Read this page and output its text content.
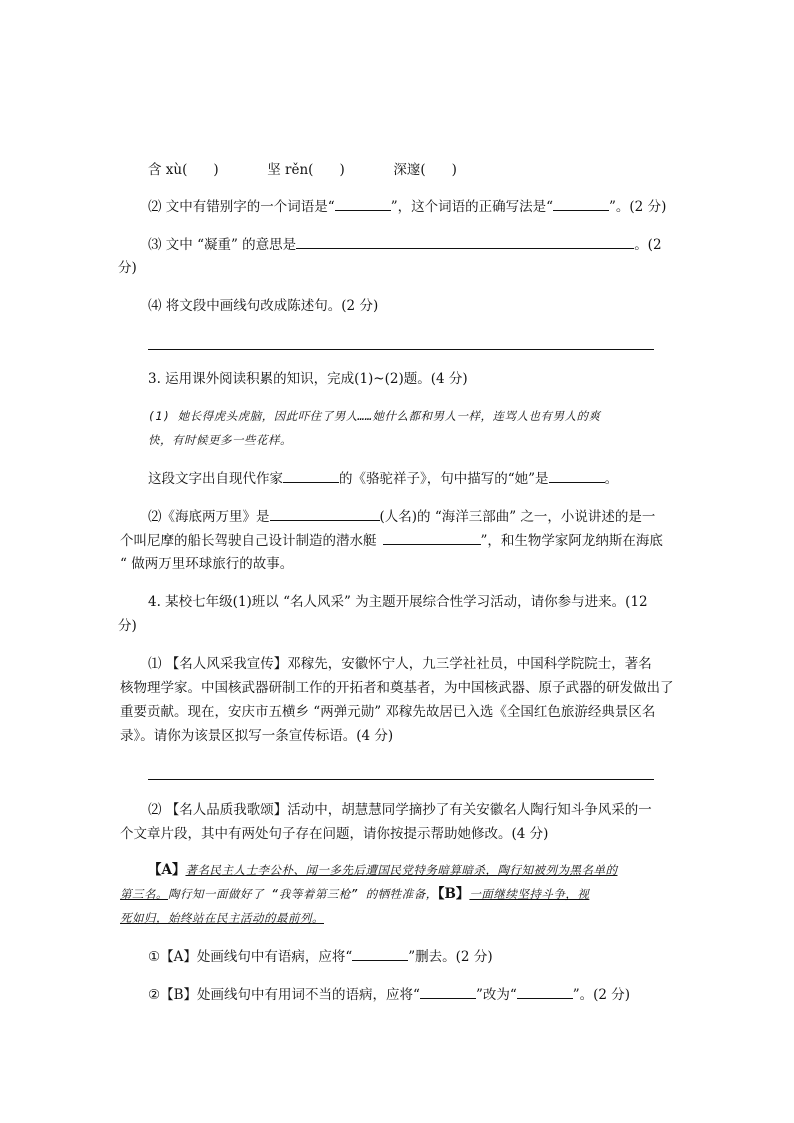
含 xù( )	坚 rěn( )	深邃( )
⑵ 文中有错别字的一个词语是“	”，这个词语的正确写法是“	”。(2 分)
⑶ 文中 “凝重” 的意思是	。(2
分)
⑷ 将文段中画线句改成陈述句。(2 分)
3. 运用课外阅读积累的知识，完成(1)~(2)题。(4 分)
(1) 她长得虎头虎脑，因此吓住了男人……她什么都和男人一样，连骂人也有男人的爽
快，有时候更多一些花样。
这段文字出自现代作家	的《骆驼祥子》，句中描写的“她”是	。
⑵《海底两万里》是	(人名)的 “海洋三部曲” 之一，小说讲述的是一
个叫尼摩的船长驾驶自己设计制造的潜水艇	”，和生物学家阿龙纳斯在海底
“ 做两万里环球旅行的故事。
4. 某校七年级(1)班以 “名人风采” 为主题开展综合性学习活动，请你参与进来。(12
分)
⑴ 【名人风采我宣传】邓稼先，安徽怀宁人，九三学社社员，中国科学院院士，著名
核物理学家。中国核武器研制工作的开拓者和奠基者，为中国核武器、原子武器的研发做出了
重要贡献。现在，安庆市五横乡 “两弹元勋” 邓稼先故居已入选《全国红色旅游经典景区名
录》。请你为该景区拟写一条宣传标语。(4 分)
⑵ 【名人品质我歌颂】活动中，胡慧慧同学摘抄了有关安徽名人陶行知斗争风采的一
个文章片段，其中有两处句子存在问题，请你按提示帮助她修改。(4 分)
【A】著名民主人士李公朴、闻一多先后遭国民党特务暗算暗杀，陶行知被列为黑名单的
第三名。陶行知一面做好了 “我等着第三枪” 的牺牲准备，【B】一面继续坚持斗争，视
死如归，始终站在民主活动的最前列。
①【A】处画线句中有语病，应将“	”删去。(2 分)
②【B】处画线句中有用词不当的语病，应将“	”改为“	”。(2 分)
